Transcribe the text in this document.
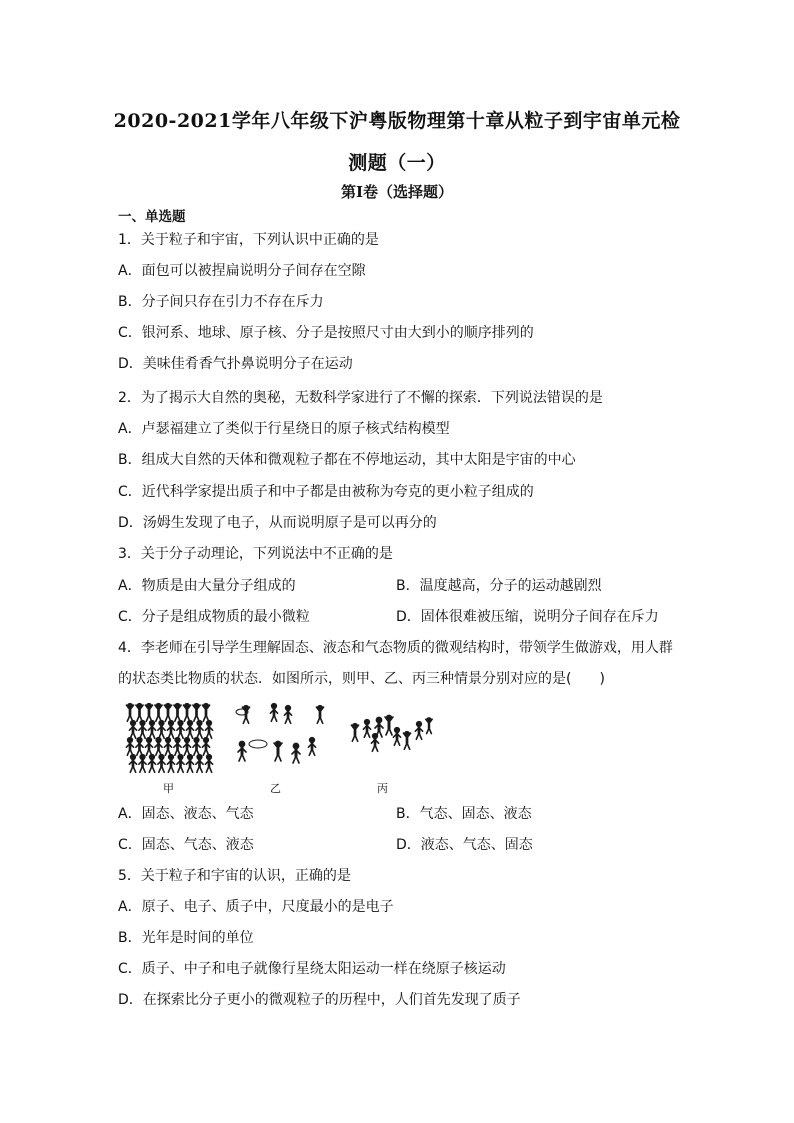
2020-2021学年八年级下沪粤版物理第十章从粒子到宇宙单元检
测题（一）
第I卷（选择题）
一、单选题
1．关于粒子和宇宙，下列认识中正确的是
A．面包可以被捏扁说明分子间存在空隙
B．分子间只存在引力不存在斥力
C．银河系、地球、原子核、分子是按照尺寸由大到小的顺序排列的
D．美味佳肴香气扑鼻说明分子在运动
2．为了揭示大自然的奥秘，无数科学家进行了不懈的探索．下列说法错误的是
A．卢瑟福建立了类似于行星绕日的原子核式结构模型
B．组成大自然的天体和微观粒子都在不停地运动，其中太阳是宇宙的中心
C．近代科学家提出质子和中子都是由被称为夸克的更小粒子组成的
D．汤姆生发现了电子，从而说明原子是可以再分的
3．关于分子动理论，下列说法中不正确的是
A．物质是由大量分子组成的	B．温度越高，分子的运动越剧烈
C．分子是组成物质的最小微粒	D．固体很难被压缩，说明分子间存在斥力
4．李老师在引导学生理解固态、液态和气态物质的微观结构时，带领学生做游戏，用人群
的状态类比物质的状态．如图所示，则甲、乙、丙三种情景分别对应的是(　　)
甲	乙	丙
A．固态、液态、气态	B．气态、固态、液态
C．固态、气态、液态	D．液态、气态、固态
5．关于粒子和宇宙的认识，正确的是
A．原子、电子、质子中，尺度最小的是电子
B．光年是时间的单位
C．质子、中子和电子就像行星绕太阳运动一样在绕原子核运动
D．在探索比分子更小的微观粒子的历程中，人们首先发现了质子
